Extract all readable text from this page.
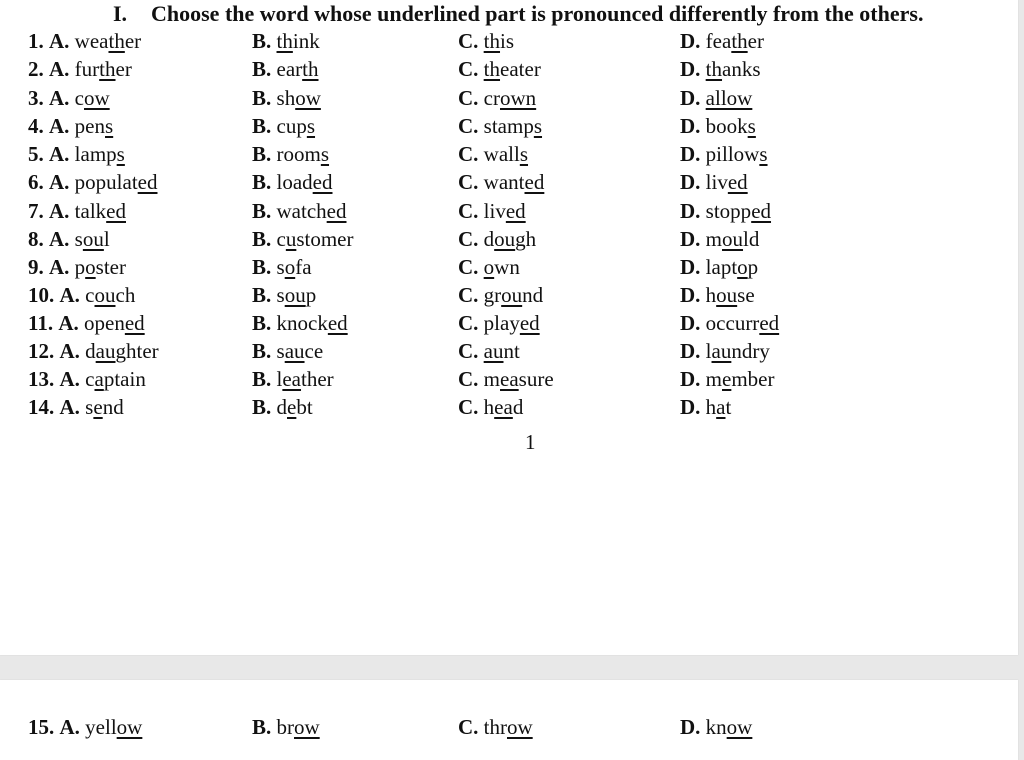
I. Choose the word whose underlined part is pronounced differently from the others.
1. A. weather	B. think	C. this	D. feather
2. A. further	B. earth	C. theater	D. thanks
3. A. cow	B. show	C. crown	D. allow
4. A. pens	B. cups	C. stamps	D. books
5. A. lamps	B. rooms	C. walls	D. pillows
6. A. populated	B. loaded	C. wanted	D. lived
7. A. talked	B. watched	C. lived	D. stopped
8. A. soul	B. customer	C. dough	D. mould
9. A. poster	B. sofa	C. own	D. laptop
10. A. couch	B. soup	C. ground	D. house
11. A. opened	B. knocked	C. played	D. occurred
12. A. daughter	B. sauce	C. aunt	D. laundry
13. A. captain	B. leather	C. measure	D. member
14. A. send	B. debt	C. head	D. hat
1
15. A. yellow	B. brow	C. throw	D. know
